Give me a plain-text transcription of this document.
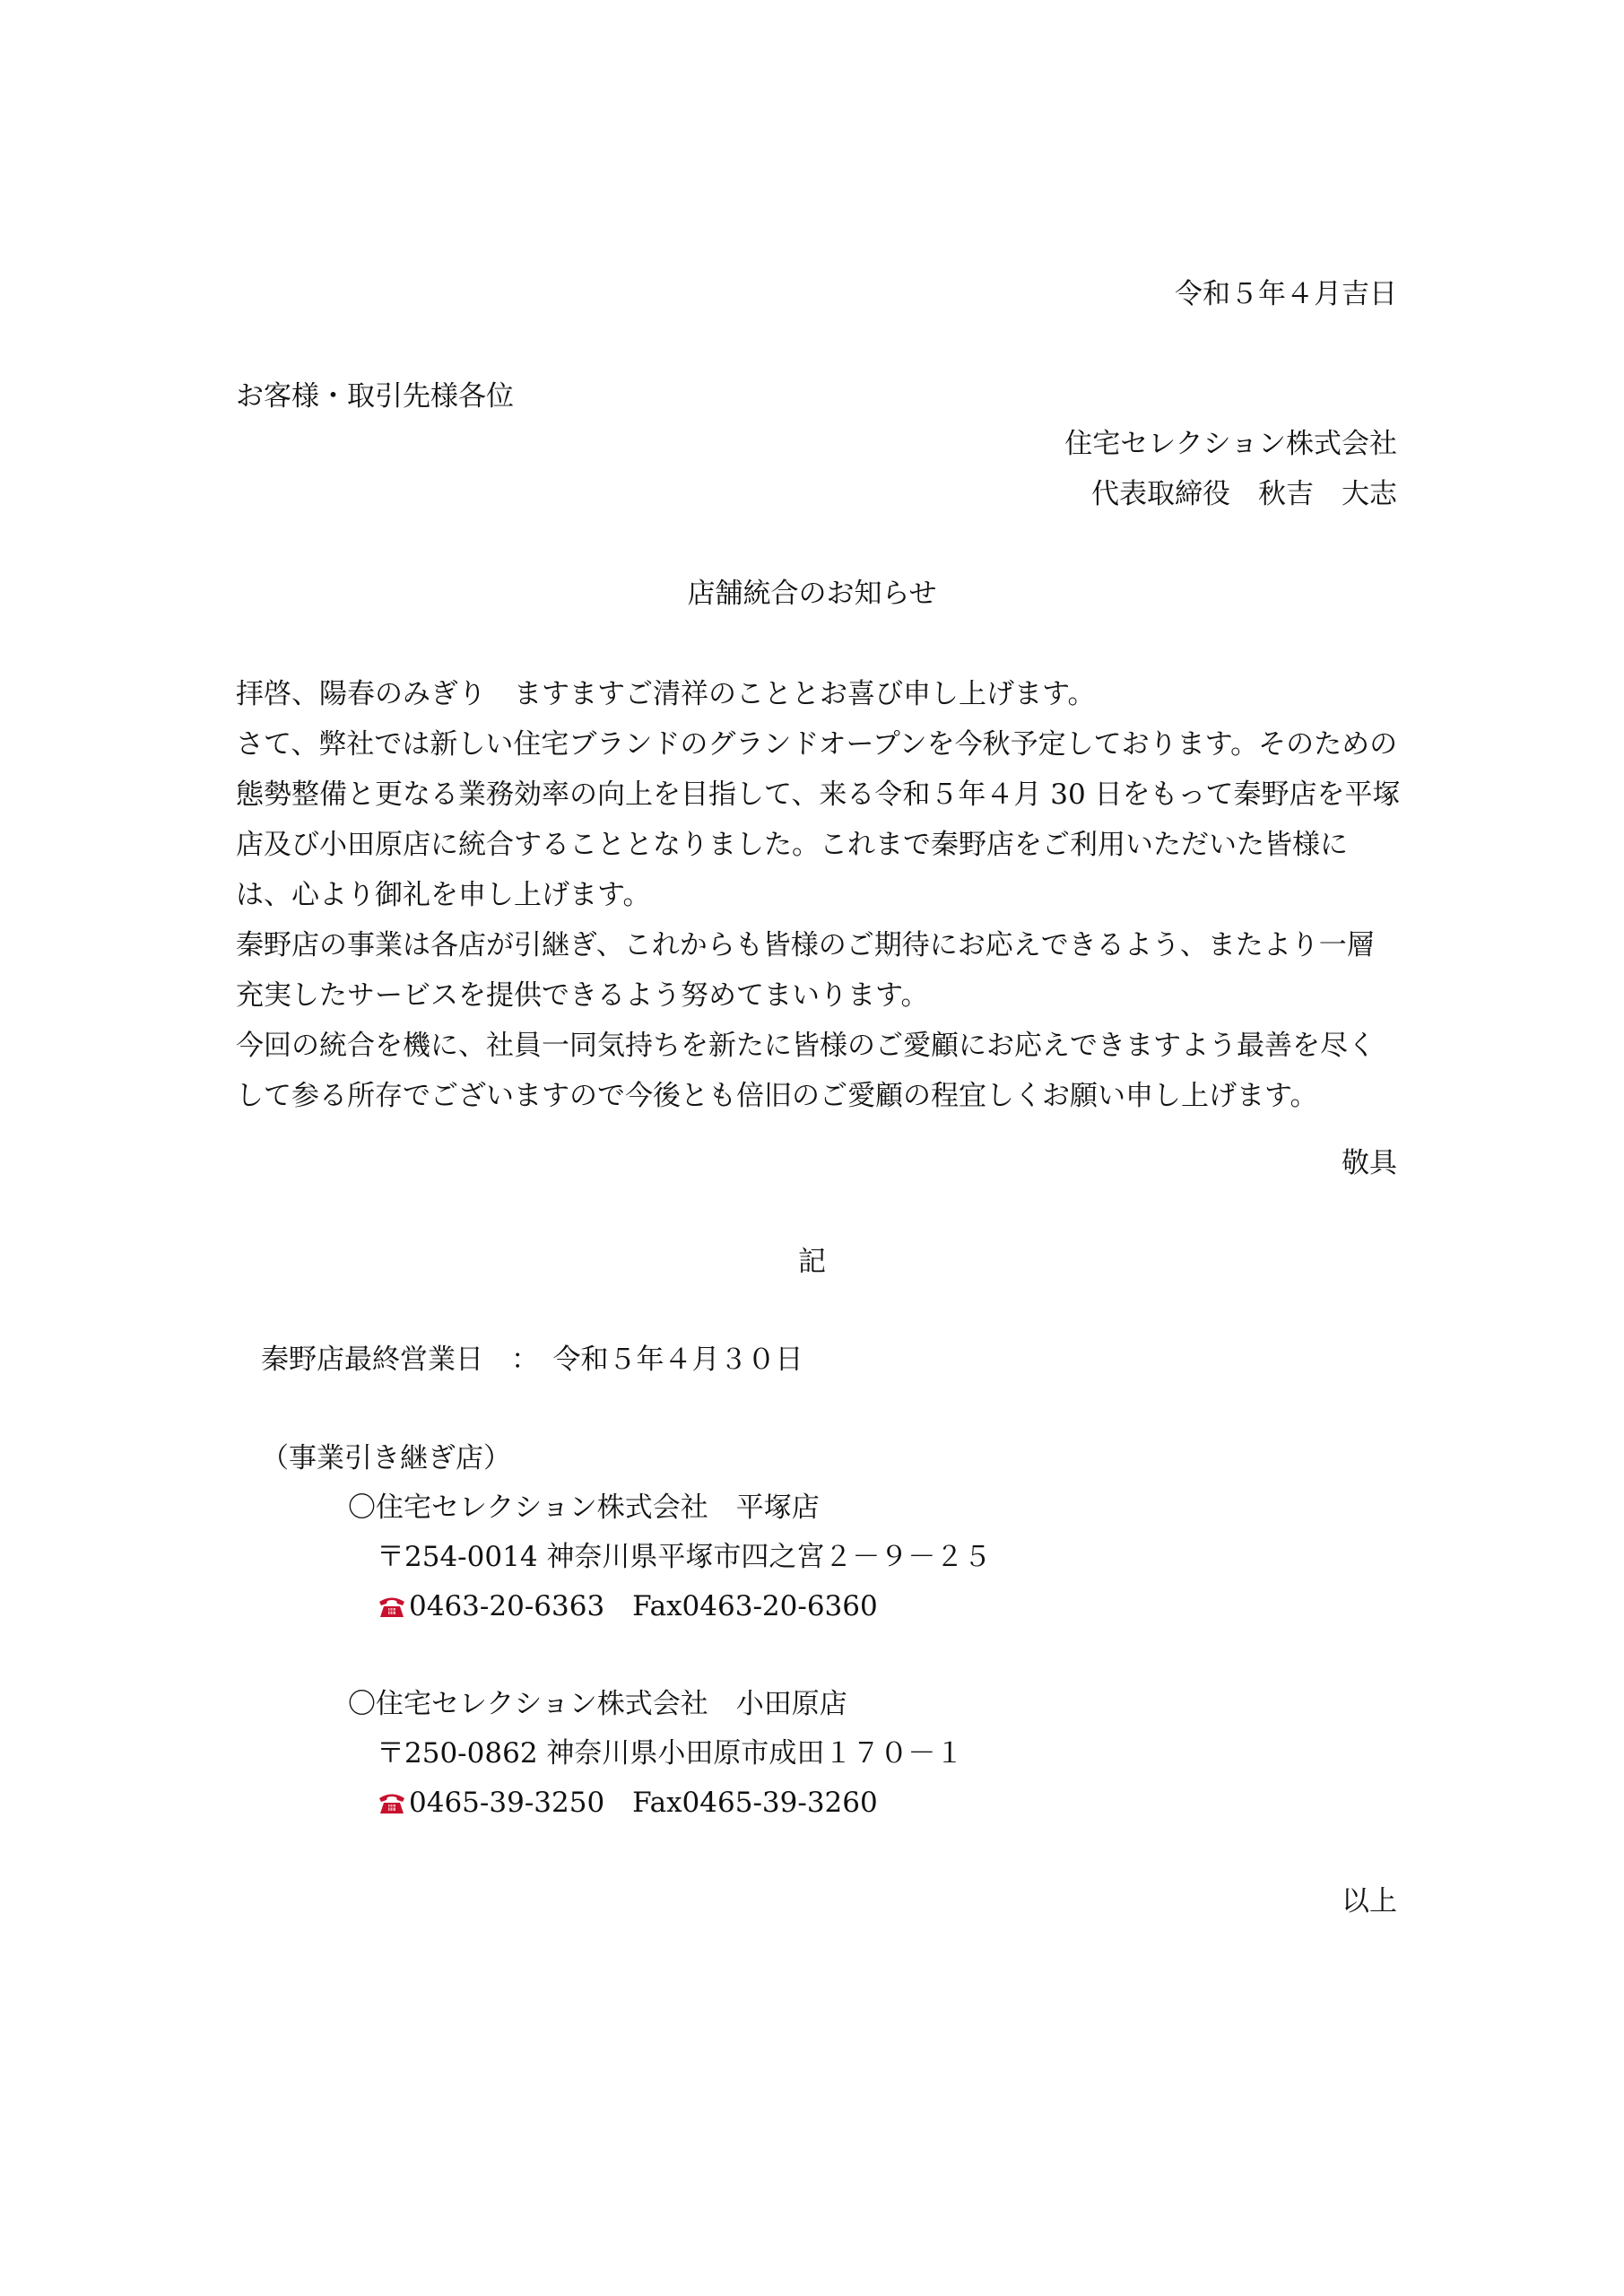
令和５年４月吉日
お客様・取引先様各位
住宅セレクション株式会社
代表取締役　秋吉　大志
店舗統合のお知らせ

拝啓、陽春のみぎり　ますますご清祥のこととお喜び申し上げます。

さて、弊社では新しい住宅ブランドのグランドオープンを今秋予定しております。そのための態勢整備と更なる業務効率の向上を目指して、来る令和５年４月 30 日をもって秦野店を平塚店及び小田原店に統合することとなりました。これまで秦野店をご利用いただいた皆様には、心より御礼を申し上げます。

秦野店の事業は各店が引継ぎ、これからも皆様のご期待にお応えできるよう、またより一層充実したサービスを提供できるよう努めてまいります。

今回の統合を機に、社員一同気持ちを新たに皆様のご愛顧にお応えできますよう最善を尽くして参る所存でございますので今後とも倍旧のご愛顧の程宜しくお願い申し上げます。

敬具
記
秦野店最終営業日　：　令和５年４月３０日
（事業引き継ぎ店）
〇住宅セレクション株式会社　平塚店
〒254-0014 神奈川県平塚市四之宮２－９－２５
0463-20-6363　Fax0463-20-6360
〇住宅セレクション株式会社　小田原店
〒250-0862 神奈川県小田原市成田１７０－１
0465-39-3250　Fax0465-39-3260
以上
